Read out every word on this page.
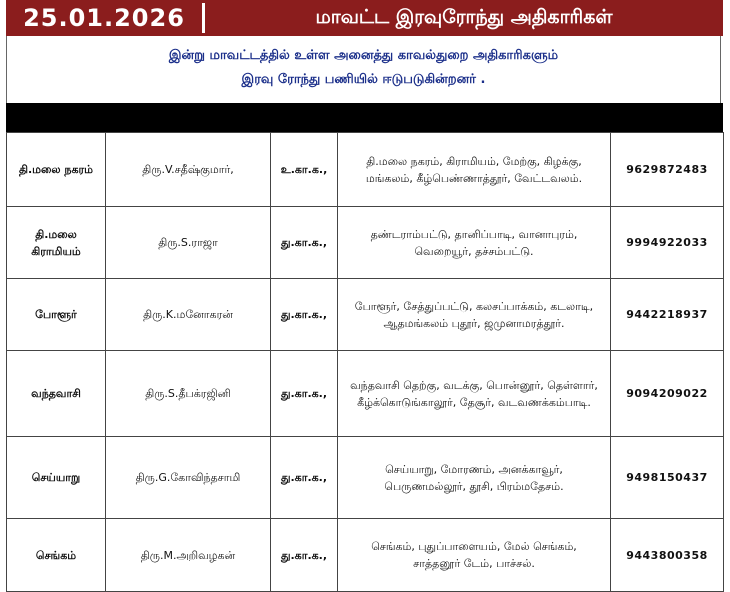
25.01.2026	மாவட்ட இரவுரோந்து அதிகாரிகள்
இன்று மாவட்டத்தில் உள்ள அனைத்து காவல்துறை அதிகாரிகளும்
இரவு ரோந்து பணியில் ஈடுபடுகின்றனர் .
தி.மலை நகரம்	திரு.V.சதீஷ்குமார்,	உ.கா.க.,	தி.மலை நகரம், கிராமியம், மேற்கு, கிழக்கு,
மங்கலம், கீழ்பெண்ணாத்தூர், வேட்டவலம்.	9629872483
தி.மலை கிராமியம்	திரு.S.ராஜா	து.கா.க.,	தண்டராம்பட்டு, தானிப்பாடி, வானாபுரம்,
வெறையூர், தச்சம்பட்டு.	9994922033
போளூர்	திரு.K.மனோகரன்	து.கா.க.,	போளூர், சேத்துப்பட்டு, கலசப்பாக்கம், கடலாடி,
ஆதமங்கலம் புதூர், ஜமுனாமரத்தூர்.	9442218937
வந்தவாசி	திரு.S.தீபக்ரஜினி	து.கா.க.,	வந்தவாசி தெற்கு, வடக்கு, பொன்னூர், தெள்ளார்,
கீழ்க்கொடுங்காலூர், தேசூர், வடவணக்கம்பாடி.	9094209022
செய்யாறு	திரு.G.கோவிந்தசாமி	து.கா.க.,	செய்யாறு, மோரணம், அனக்காவூர்,
பெருணமல்லூர், தூசி, பிரம்மதேசம்.	9498150437
செங்கம்	திரு.M.அறிவழகன்	து.கா.க.,	செங்கம், புதுப்பாளையம், மேல் செங்கம்,
சாத்தனூர் டேம், பாச்சல்.	9443800358
